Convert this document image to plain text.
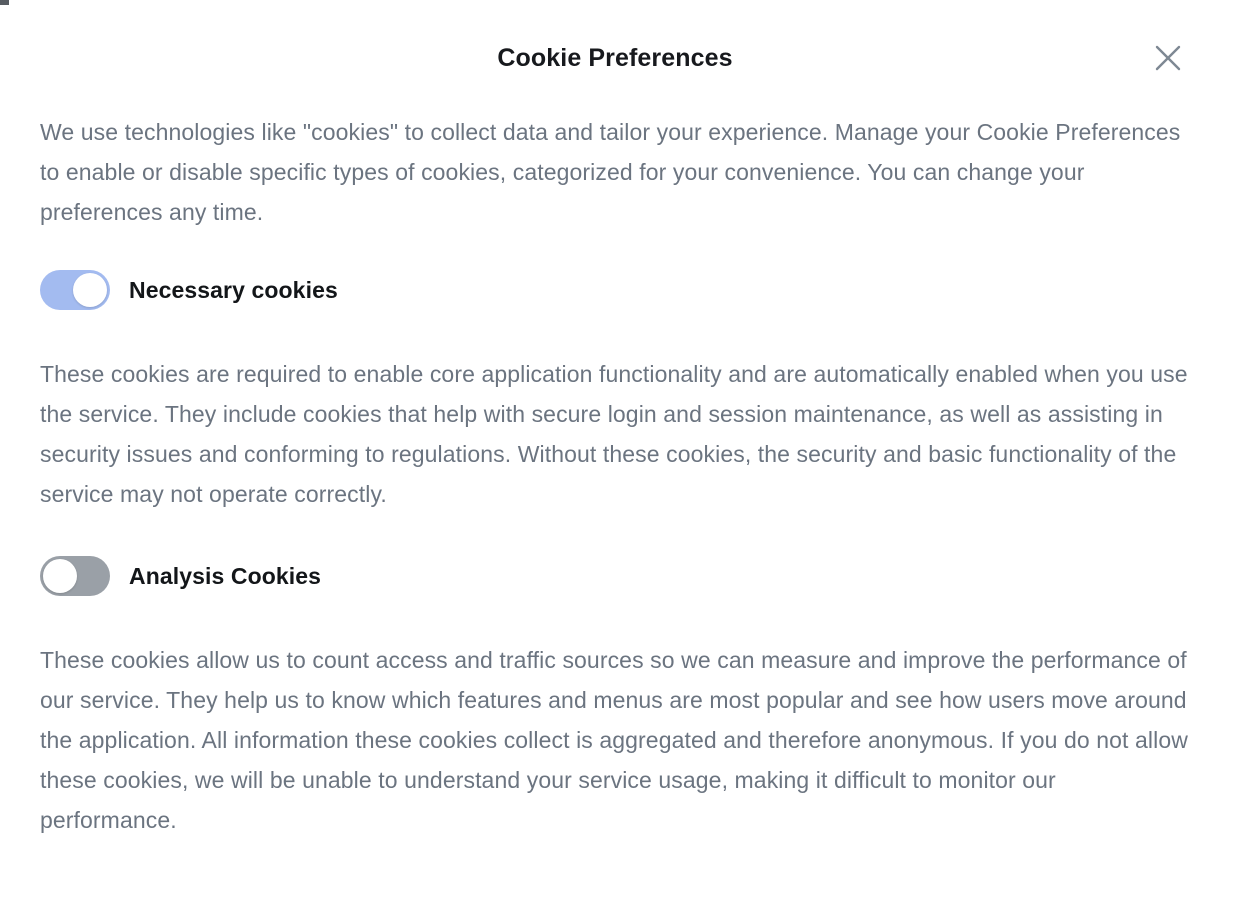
Cookie Preferences

We use technologies like "cookies" to collect data and tailor your experience. Manage your Cookie Preferences to enable or disable specific types of cookies, categorized for your convenience. You can change your preferences any time.

Necessary cookies

These cookies are required to enable core application functionality and are automatically enabled when you use the service. They include cookies that help with secure login and session maintenance, as well as assisting in security issues and conforming to regulations. Without these cookies, the security and basic functionality of the service may not operate correctly.

Analysis Cookies

These cookies allow us to count access and traffic sources so we can measure and improve the performance of our service. They help us to know which features and menus are most popular and see how users move around the application. All information these cookies collect is aggregated and therefore anonymous. If you do not allow these cookies, we will be unable to understand your service usage, making it difficult to monitor our performance.
